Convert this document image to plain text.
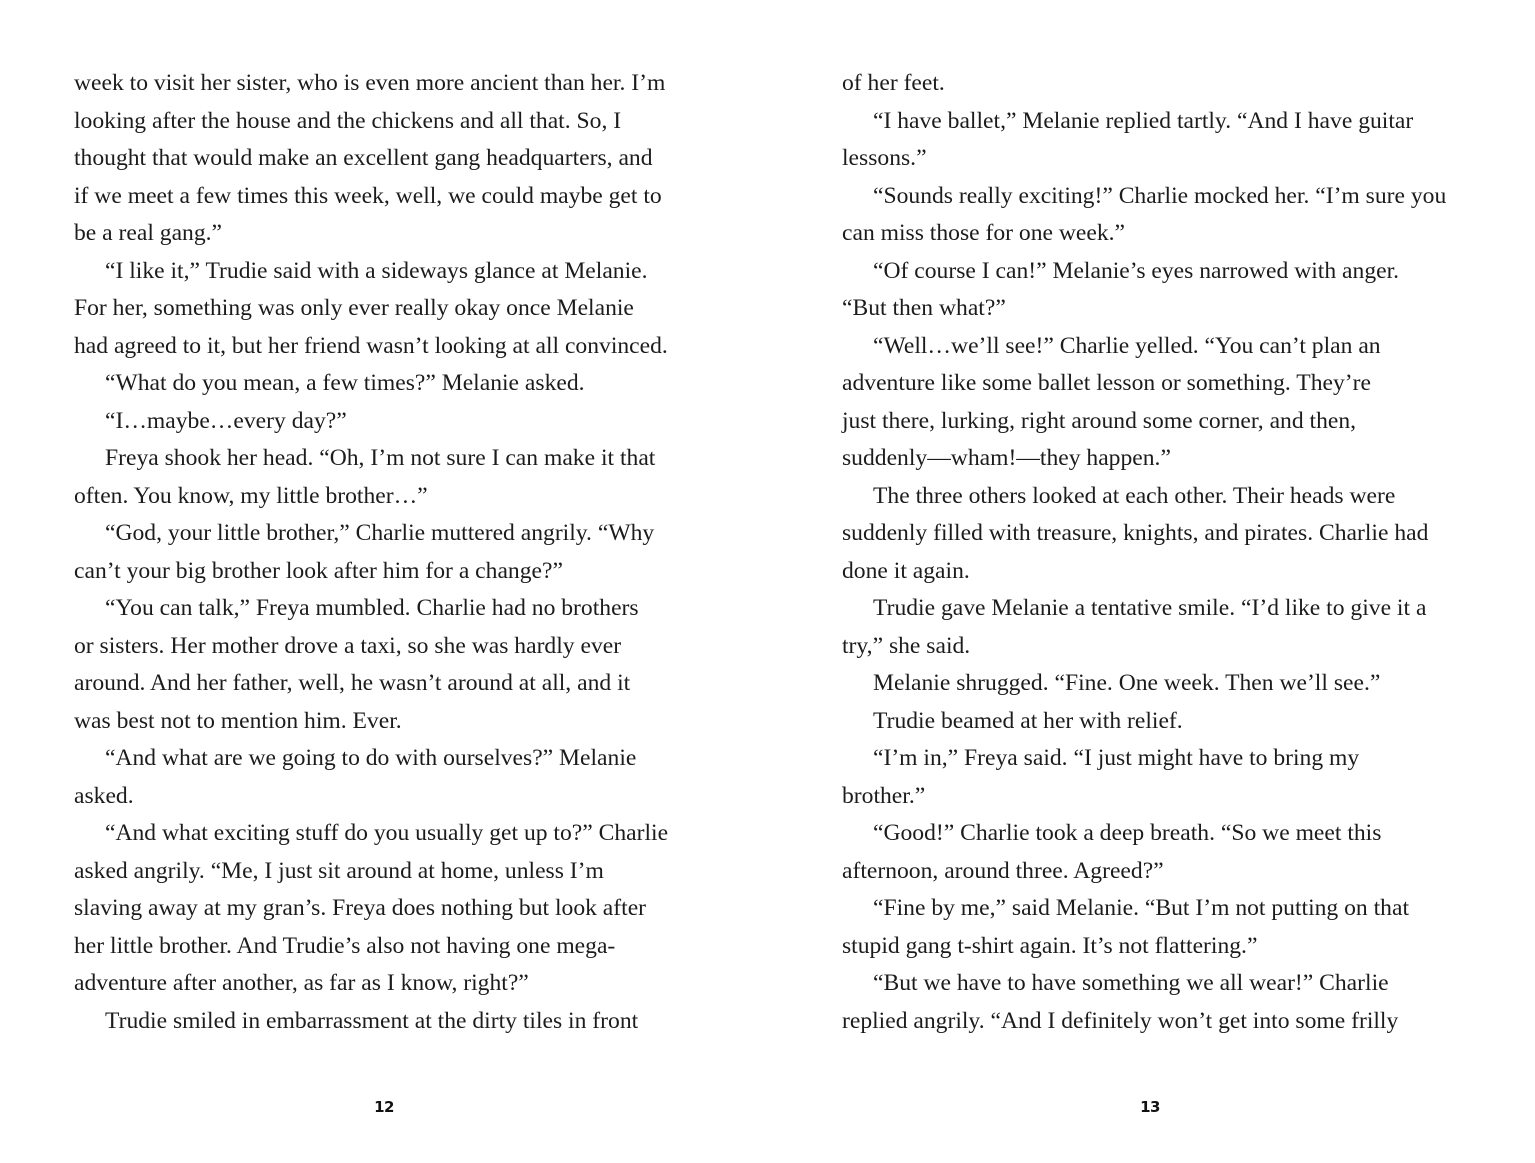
week to visit her sister, who is even more ancient than her. I’m
looking after the house and the chickens and all that. So, I
thought that would make an excellent gang headquarters, and
if we meet a few times this week, well, we could maybe get to
be a real gang.”
“I like it,” Trudie said with a sideways glance at Melanie.
For her, something was only ever really okay once Melanie
had agreed to it, but her friend wasn’t looking at all convinced.
“What do you mean, a few times?” Melanie asked.
“I…maybe…every day?”
Freya shook her head. “Oh, I’m not sure I can make it that
often. You know, my little brother…”
“God, your little brother,” Charlie muttered angrily. “Why
can’t your big brother look after him for a change?”
“You can talk,” Freya mumbled. Charlie had no brothers
or sisters. Her mother drove a taxi, so she was hardly ever
around. And her father, well, he wasn’t around at all, and it
was best not to mention him. Ever.
“And what are we going to do with ourselves?” Melanie
asked.
“And what exciting stuff do you usually get up to?” Charlie
asked angrily. “Me, I just sit around at home, unless I’m
slaving away at my gran’s. Freya does nothing but look after
her little brother. And Trudie’s also not having one mega-
adventure after another, as far as I know, right?”
Trudie smiled in embarrassment at the dirty tiles in front
12
of her feet.
“I have ballet,” Melanie replied tartly. “And I have guitar
lessons.”
“Sounds really exciting!” Charlie mocked her. “I’m sure you
can miss those for one week.”
“Of course I can!” Melanie’s eyes narrowed with anger.
“But then what?”
“Well…we’ll see!” Charlie yelled. “You can’t plan an
adventure like some ballet lesson or something. They’re
just there, lurking, right around some corner, and then,
suddenly—wham!—they happen.”
The three others looked at each other. Their heads were
suddenly filled with treasure, knights, and pirates. Charlie had
done it again.
Trudie gave Melanie a tentative smile. “I’d like to give it a
try,” she said.
Melanie shrugged. “Fine. One week. Then we’ll see.”
Trudie beamed at her with relief.
“I’m in,” Freya said. “I just might have to bring my
brother.”
“Good!” Charlie took a deep breath. “So we meet this
afternoon, around three. Agreed?”
“Fine by me,” said Melanie. “But I’m not putting on that
stupid gang t-shirt again. It’s not flattering.”
“But we have to have something we all wear!” Charlie
replied angrily. “And I definitely won’t get into some frilly
13
